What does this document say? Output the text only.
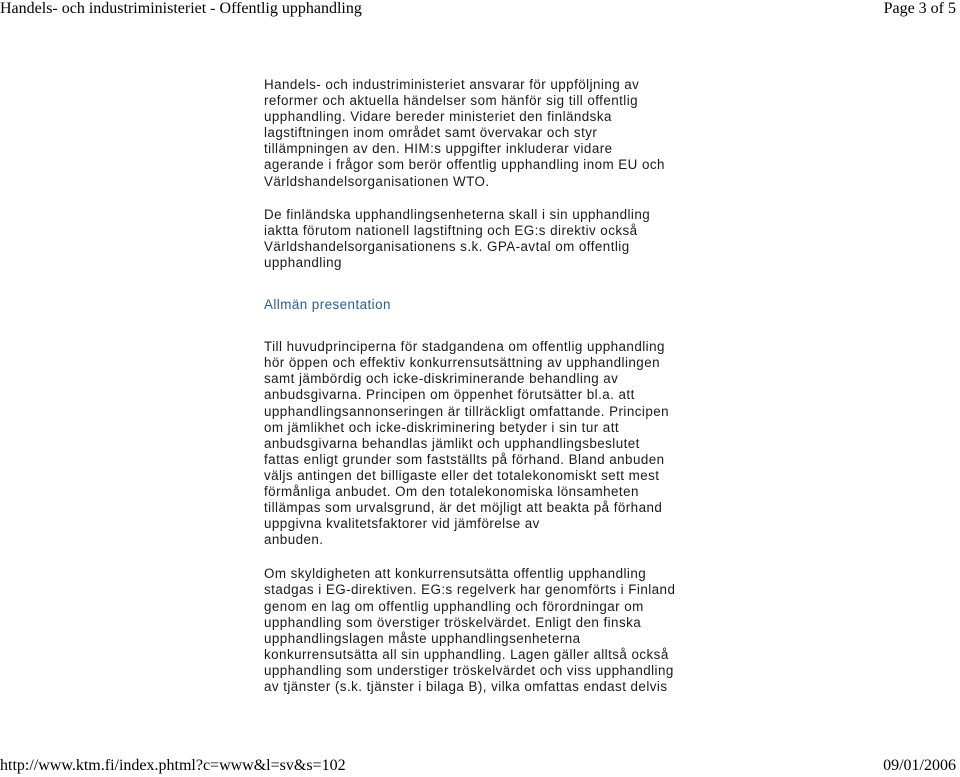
Handels- och industriministeriet - Offentlig upphandling	Page 3 of 5

Handels- och industriministeriet ansvarar för uppföljning av
reformer och aktuella händelser som hänför sig till offentlig
upphandling. Vidare bereder ministeriet den finländska
lagstiftningen inom området samt övervakar och styr
tillämpningen av den. HIM:s uppgifter inkluderar vidare
agerande i frågor som berör offentlig upphandling inom EU och
Världshandelsorganisationen WTO.

De finländska upphandlingsenheterna skall i sin upphandling
iaktta förutom nationell lagstiftning och EG:s direktiv också
Världshandelsorganisationens s.k. GPA-avtal om offentlig
upphandling

Allmän presentation

Till huvudprinciperna för stadgandena om offentlig upphandling
hör öppen och effektiv konkurrensutsättning av upphandlingen
samt jämbördig och icke-diskriminerande behandling av
anbudsgivarna. Principen om öppenhet förutsätter bl.a. att
upphandlingsannonseringen är tillräckligt omfattande. Principen
om jämlikhet och icke-diskriminering betyder i sin tur att
anbudsgivarna behandlas jämlikt och upphandlingsbeslutet
fattas enligt grunder som fastställts på förhand. Bland anbuden
väljs antingen det billigaste eller det totalekonomiskt sett mest
förmånliga anbudet. Om den totalekonomiska lönsamheten
tillämpas som urvalsgrund, är det möjligt att beakta på förhand
uppgivna kvalitetsfaktorer vid jämförelse av
anbuden.

Om skyldigheten att konkurrensutsätta offentlig upphandling
stadgas i EG-direktiven. EG:s regelverk har genomförts i Finland
genom en lag om offentlig upphandling och förordningar om
upphandling som överstiger tröskelvärdet. Enligt den finska
upphandlingslagen måste upphandlingsenheterna
konkurrensutsätta all sin upphandling. Lagen gäller alltså också
upphandling som understiger tröskelvärdet och viss upphandling
av tjänster (s.k. tjänster i bilaga B), vilka omfattas endast delvis

http://www.ktm.fi/index.phtml?c=www&l=sv&s=102	09/01/2006
